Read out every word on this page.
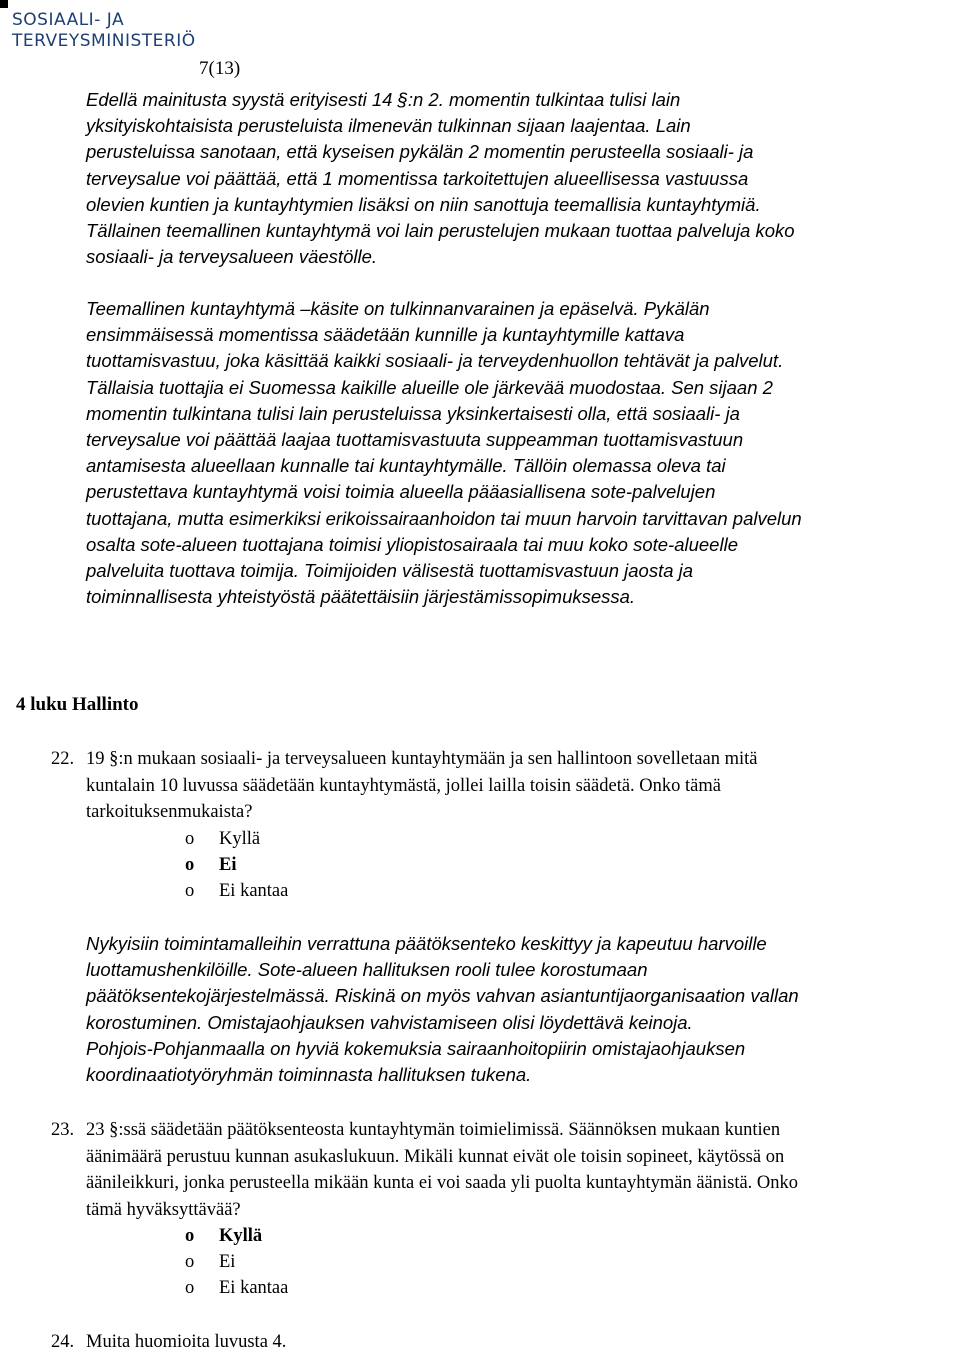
SOSIAALI- JA
TERVEYSMINISTERIÖ
7(13)
Edellä mainitusta syystä erityisesti 14 §:n 2. momentin tulkintaa tulisi lain
yksityiskohtaisista perusteluista ilmenevän tulkinnan sijaan laajentaa. Lain
perusteluissa sanotaan, että kyseisen pykälän 2 momentin perusteella sosiaali- ja
terveysalue voi päättää, että 1 momentissa tarkoitettujen alueellisessa vastuussa
olevien kuntien ja kuntayhtymien lisäksi on niin sanottuja teemallisia kuntayhtymiä.
Tällainen teemallinen kuntayhtymä voi lain perustelujen mukaan tuottaa palveluja koko
sosiaali- ja terveysalueen väestölle.
Teemallinen kuntayhtymä –käsite on tulkinnanvarainen ja epäselvä. Pykälän
ensimmäisessä momentissa säädetään kunnille ja kuntayhtymille kattava
tuottamisvastuu, joka käsittää kaikki sosiaali- ja terveydenhuollon tehtävät ja palvelut.
Tällaisia tuottajia ei Suomessa kaikille alueille ole järkevää muodostaa. Sen sijaan 2
momentin tulkintana tulisi lain perusteluissa yksinkertaisesti olla, että sosiaali- ja
terveysalue voi päättää laajaa tuottamisvastuuta suppeamman tuottamisvastuun
antamisesta alueellaan kunnalle tai kuntayhtymälle. Tällöin olemassa oleva tai
perustettava kuntayhtymä voisi toimia alueella pääasiallisena sote-palvelujen
tuottajana, mutta esimerkiksi erikoissairaanhoidon tai muun harvoin tarvittavan palvelun
osalta sote-alueen tuottajana toimisi yliopistosairaala tai muu koko sote-alueelle
palveluita tuottava toimija. Toimijoiden välisestä tuottamisvastuun jaosta ja
toiminnallisesta yhteistyöstä päätettäisiin järjestämissopimuksessa.
4 luku Hallinto
22. 19 §:n mukaan sosiaali- ja terveysalueen kuntayhtymään ja sen hallintoon sovelletaan mitä
kuntalain 10 luvussa säädetään kuntayhtymästä, jollei lailla toisin säädetä. Onko tämä
tarkoituksenmukaista?
o Kyllä
o Ei
o Ei kantaa
Nykyisiin toimintamalleihin verrattuna päätöksenteko keskittyy ja kapeutuu harvoille
luottamushenkilöille. Sote-alueen hallituksen rooli tulee korostumaan
päätöksentekojärjestelmässä. Riskinä on myös vahvan asiantuntijaorganisaation vallan
korostuminen. Omistajaohjauksen vahvistamiseen olisi löydettävä keinoja.
Pohjois-Pohjanmaalla on hyviä kokemuksia sairaanhoitopiirin omistajaohjauksen
koordinaatiotyöryhmän toiminnasta hallituksen tukena.
23. 23 §:ssä säädetään päätöksenteosta kuntayhtymän toimielimissä. Säännöksen mukaan kuntien
äänimäärä perustuu kunnan asukaslukuun. Mikäli kunnat eivät ole toisin sopineet, käytössä on
äänileikkuri, jonka perusteella mikään kunta ei voi saada yli puolta kuntayhtymän äänistä. Onko
tämä hyväksyttävää?
o Kyllä
o Ei
o Ei kantaa
24. Muita huomioita luvusta 4.
